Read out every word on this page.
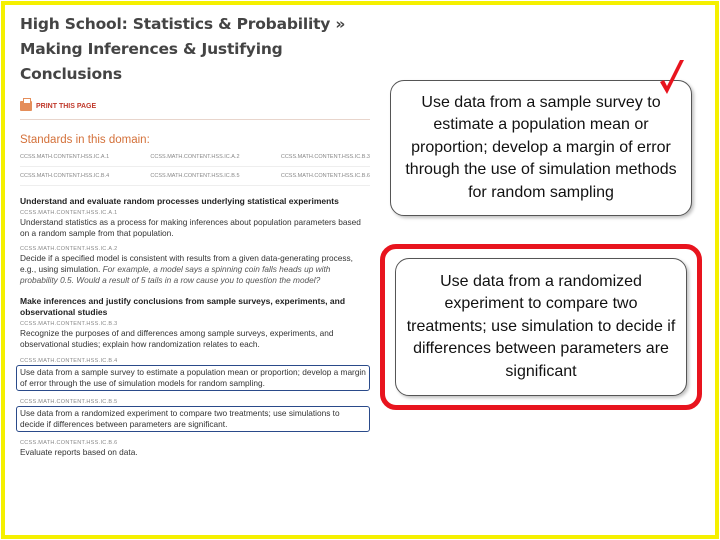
High School: Statistics & Probability »
Making Inferences & Justifying Conclusions
PRINT THIS PAGE
Standards in this domain:
CCSS.MATH.CONTENT.HSS.IC.A.1	CCSS.MATH.CONTENT.HSS.IC.A.2	CCSS.MATH.CONTENT.HSS.IC.B.3
CCSS.MATH.CONTENT.HSS.IC.B.4	CCSS.MATH.CONTENT.HSS.IC.B.5	CCSS.MATH.CONTENT.HSS.IC.B.6
Understand and evaluate random processes underlying statistical experiments
CCSS.MATH.CONTENT.HSS.IC.A.1
Understand statistics as a process for making inferences about population parameters based on a random sample from that population.
CCSS.MATH.CONTENT.HSS.IC.A.2
Decide if a specified model is consistent with results from a given data-generating process, e.g., using simulation. For example, a model says a spinning coin falls heads up with probability 0.5. Would a result of 5 tails in a row cause you to question the model?
Make inferences and justify conclusions from sample surveys, experiments, and observational studies
CCSS.MATH.CONTENT.HSS.IC.B.3
Recognize the purposes of and differences among sample surveys, experiments, and observational studies; explain how randomization relates to each.
CCSS.MATH.CONTENT.HSS.IC.B.4
Use data from a sample survey to estimate a population mean or proportion; develop a margin of error through the use of simulation models for random sampling.
CCSS.MATH.CONTENT.HSS.IC.B.5
Use data from a randomized experiment to compare two treatments; use simulations to decide if differences between parameters are significant.
CCSS.MATH.CONTENT.HSS.IC.B.6
Evaluate reports based on data.
Use data from a sample survey to estimate a population mean or proportion; develop a margin of error through the use of simulation methods for random sampling
Use data from a randomized experiment to compare two treatments; use simulation to decide if differences between parameters are significant
